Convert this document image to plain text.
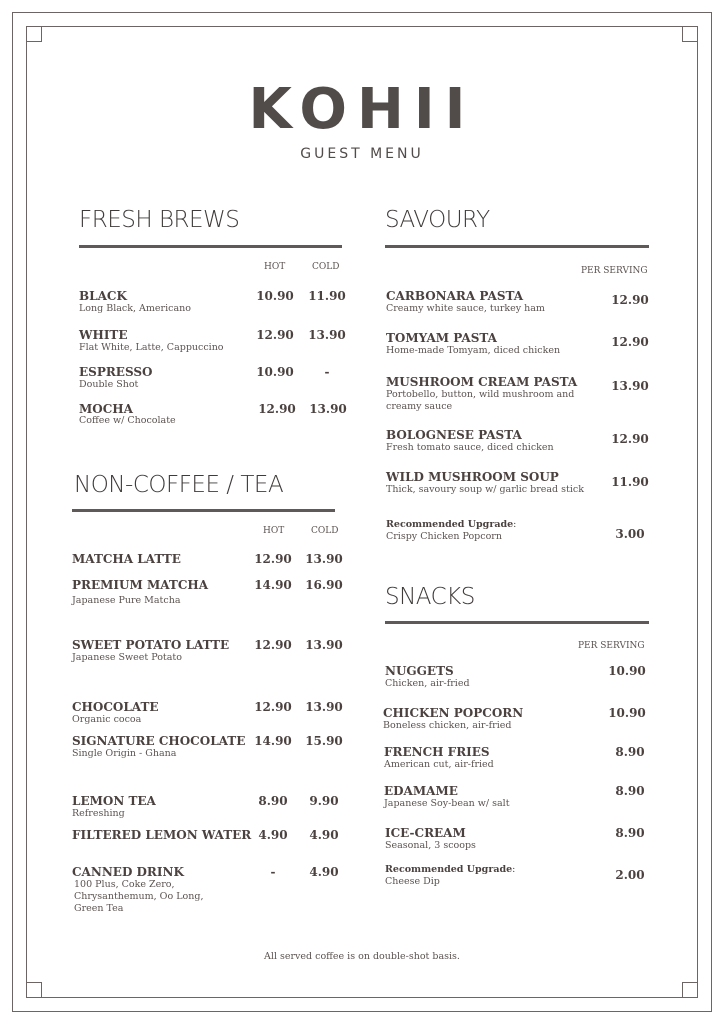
KOHII
GUEST MENU
FRESH BREWS
HOT	COLD
BLACK
Long Black, Americano
10.90	11.90
WHITE
Flat White, Latte, Cappuccino
12.90	13.90
ESPRESSO
Double Shot
10.90	-
MOCHA
Coffee w/ Chocolate
12.90	13.90
NON-COFFEE / TEA
HOT	COLD
MATCHA LATTE	12.90	13.90
PREMIUM MATCHA
Japanese Pure Matcha
14.90	16.90
SWEET POTATO LATTE
Japanese Sweet Potato
12.90	13.90
CHOCOLATE
Organic cocoa
12.90	13.90
SIGNATURE CHOCOLATE
Single Origin - Ghana
14.90	15.90
LEMON TEA
Refreshing
8.90	9.90
FILTERED LEMON WATER 4.90	4.90
CANNED DRINK
100 Plus, Coke Zero, Chrysanthemum, Oo Long, Green Tea
-	4.90
SAVOURY
PER SERVING
CARBONARA PASTA
Creamy white sauce, turkey ham
12.90
TOMYAM PASTA
Home-made Tomyam, diced chicken
12.90
MUSHROOM CREAM PASTA
Portobello, button, wild mushroom and creamy sauce
13.90
BOLOGNESE PASTA
Fresh tomato sauce, diced chicken
12.90
WILD MUSHROOM SOUP
Thick, savoury soup w/ garlic bread stick
11.90
Recommended Upgrade:
Crispy Chicken Popcorn	3.00
SNACKS
PER SERVING
NUGGETS
Chicken, air-fried
10.90
CHICKEN POPCORN
Boneless chicken, air-fried
10.90
FRENCH FRIES
American cut, air-fried
8.90
EDAMAME
Japanese Soy-bean w/ salt
8.90
ICE-CREAM
Seasonal, 3 scoops
8.90
Recommended Upgrade:
Cheese Dip	2.00
All served coffee is on double-shot basis.
